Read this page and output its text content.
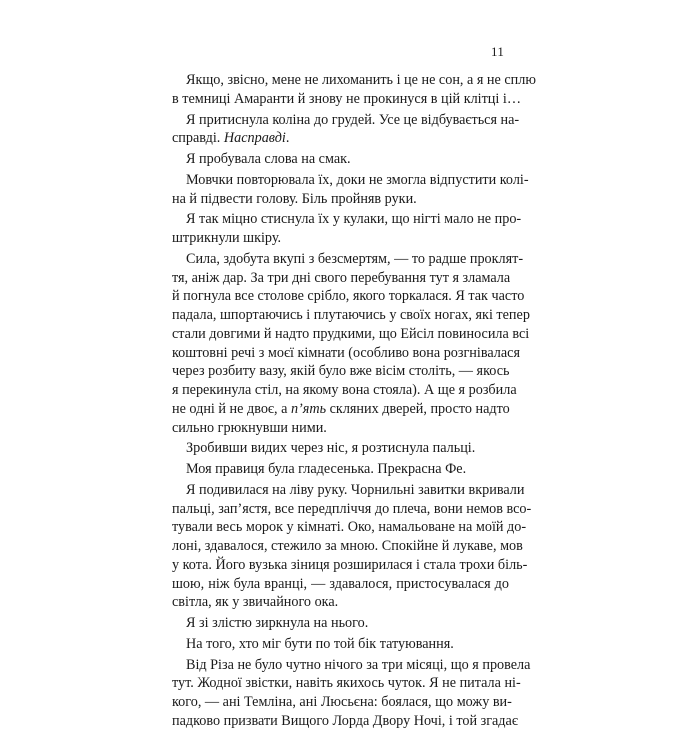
11
Якщо, звісно, мене не лихоманить і це не сон, а я не сплю
в темниці Амаранти й знову не прокинуся в цій клітці і…
Я притиснула коліна до грудей. Усе це відбувається на-
справді. Насправді.
Я пробувала слова на смак.
Мовчки повторювала їх, доки не змогла відпустити колі-
на й підвести голову. Біль пройняв руки.
Я так міцно стиснула їх у кулаки, що нігті мало не про-
штрикнули шкіру.
Сила, здобута вкупі з безсмертям, — то радше проклят-
тя, аніж дар. За три дні свого перебування тут я зламала
й погнула все столове срібло, якого торкалася. Я так часто
падала, шпортаючись і плутаючись у своїх ногах, які тепер
стали довгими й надто прудкими, що Ейсіл повиносила всі
коштовні речі з моєї кімнати (особливо вона розгнівалася
через розбиту вазу, якій було вже вісім століть, — якось
я перекинула стіл, на якому вона стояла). А ще я розбила
не одні й не двоє, а п’ять скляних дверей, просто надто
сильно грюкнувши ними.
Зробивши видих через ніс, я розтиснула пальці.
Моя правиця була гладесенька. Прекрасна Фе.
Я подивилася на ліву руку. Чорнильні завитки вкривали
пальці, зап’ястя, все передпліччя до плеча, вони немов всо-
тували весь морок у кімнаті. Око, намальоване на моїй до-
лоні, здавалося, стежило за мною. Спокійне й лукаве, мов
у кота. Його вузька зіниця розширилася і стала трохи біль-
шою, ніж була вранці, — здавалося, пристосувалася до
світла, як у звичайного ока.
Я зі злістю зиркнула на нього.
На того, хто міг бути по той бік татуювання.
Від Різа не було чутно нічого за три місяці, що я провела
тут. Жодної звістки, навіть якихось чуток. Я не питала ні-
кого, — ані Темліна, ані Люсьєна: боялася, що можу ви-
падково призвати Вищого Лорда Двору Ночі, і той згадає
